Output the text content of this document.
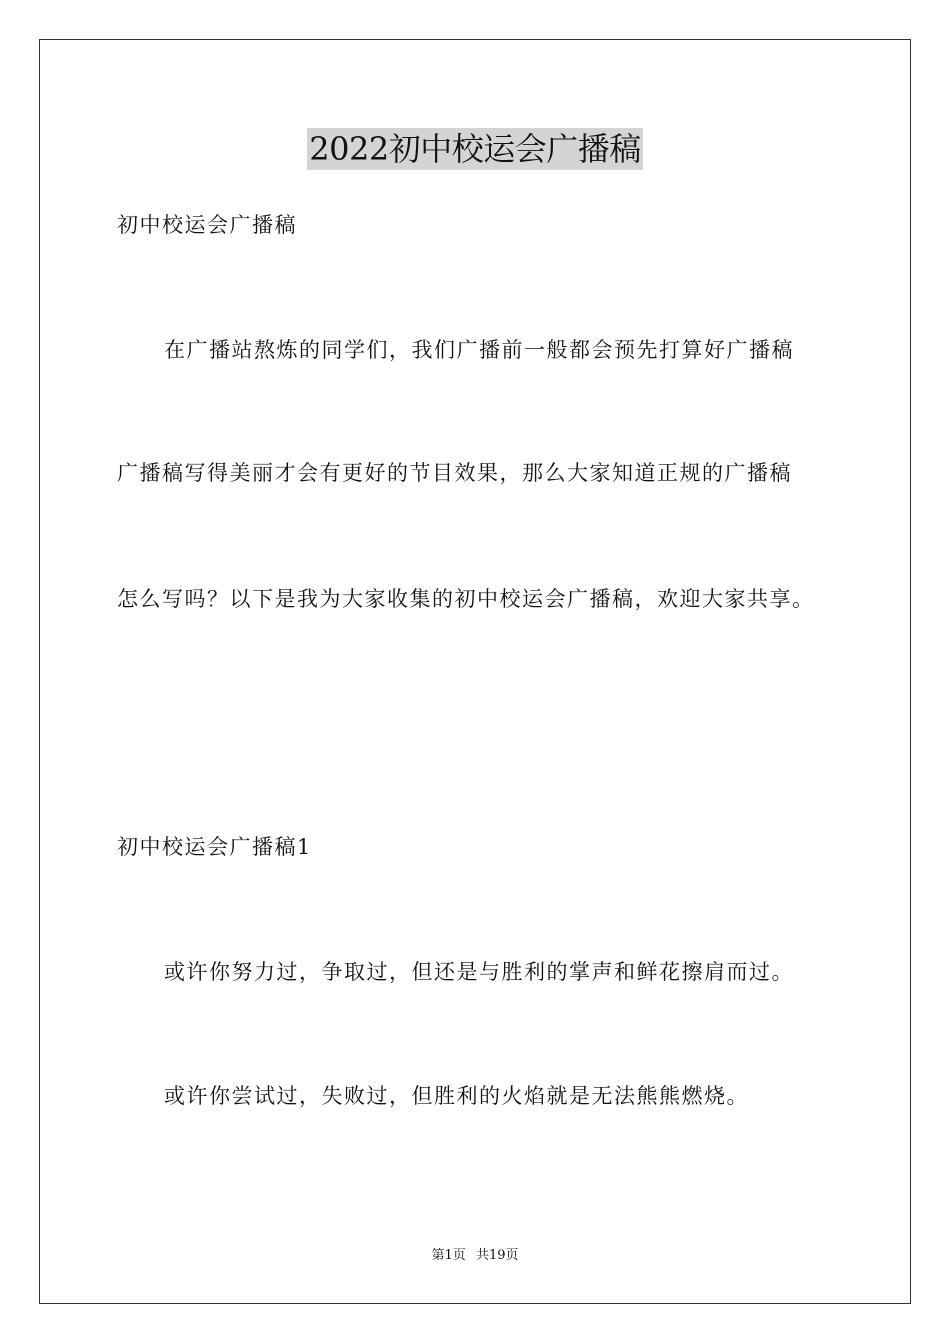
2022初中校运会广播稿
初中校运会广播稿
在广播站熬炼的同学们，我们广播前一般都会预先打算好广播稿
广播稿写得美丽才会有更好的节目效果，那么大家知道正规的广播稿
怎么写吗？以下是我为大家收集的初中校运会广播稿，欢迎大家共享。
初中校运会广播稿1
或许你努力过，争取过，但还是与胜利的掌声和鲜花擦肩而过。
或许你尝试过，失败过，但胜利的火焰就是无法熊熊燃烧。
第1页 共19页
